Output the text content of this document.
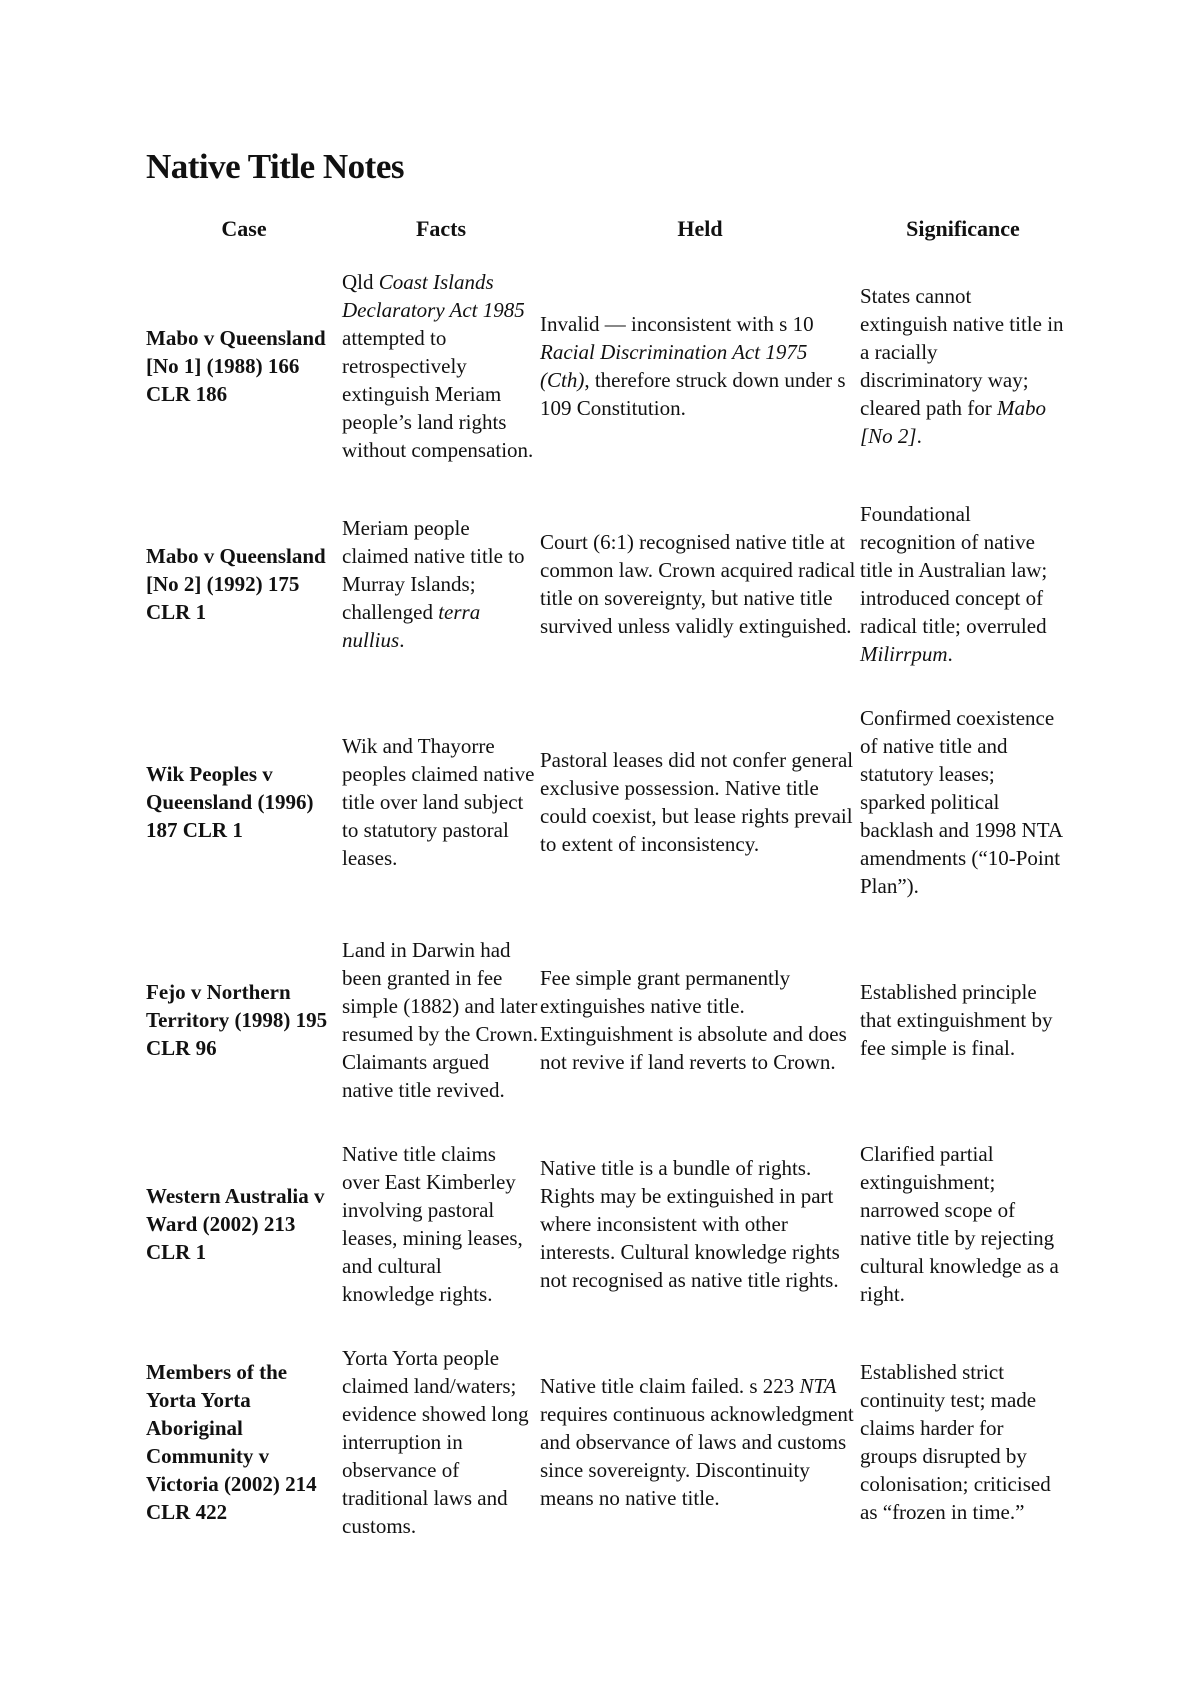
Native Title Notes
Case	Facts	Held	Significance
Mabo v Queensland [No 1] (1988) 166 CLR 186	Qld Coast Islands Declaratory Act 1985 attempted to retrospectively extinguish Meriam people’s land rights without compensation.	Invalid — inconsistent with s 10 Racial Discrimination Act 1975 (Cth), therefore struck down under s 109 Constitution.	States cannot extinguish native title in a racially discriminatory way; cleared path for Mabo [No 2].
Mabo v Queensland [No 2] (1992) 175 CLR 1	Meriam people claimed native title to Murray Islands; challenged terra nullius.	Court (6:1) recognised native title at common law. Crown acquired radical title on sovereignty, but native title survived unless validly extinguished.	Foundational recognition of native title in Australian law; introduced concept of radical title; overruled Milirrpum.
Wik Peoples v Queensland (1996) 187 CLR 1	Wik and Thayorre peoples claimed native title over land subject to statutory pastoral leases.	Pastoral leases did not confer general exclusive possession. Native title could coexist, but lease rights prevail to extent of inconsistency.	Confirmed coexistence of native title and statutory leases; sparked political backlash and 1998 NTA amendments (“10-Point Plan”).
Fejo v Northern Territory (1998) 195 CLR 96	Land in Darwin had been granted in fee simple (1882) and later resumed by the Crown. Claimants argued native title revived.	Fee simple grant permanently extinguishes native title. Extinguishment is absolute and does not revive if land reverts to Crown.	Established principle that extinguishment by fee simple is final.
Western Australia v Ward (2002) 213 CLR 1	Native title claims over East Kimberley involving pastoral leases, mining leases, and cultural knowledge rights.	Native title is a bundle of rights. Rights may be extinguished in part where inconsistent with other interests. Cultural knowledge rights not recognised as native title rights.	Clarified partial extinguishment; narrowed scope of native title by rejecting cultural knowledge as a right.
Members of the Yorta Yorta Aboriginal Community v Victoria (2002) 214 CLR 422	Yorta Yorta people claimed land/waters; evidence showed long interruption in observance of traditional laws and customs.	Native title claim failed. s 223 NTA requires continuous acknowledgment and observance of laws and customs since sovereignty. Discontinuity means no native title.	Established strict continuity test; made claims harder for groups disrupted by colonisation; criticised as “frozen in time.”
